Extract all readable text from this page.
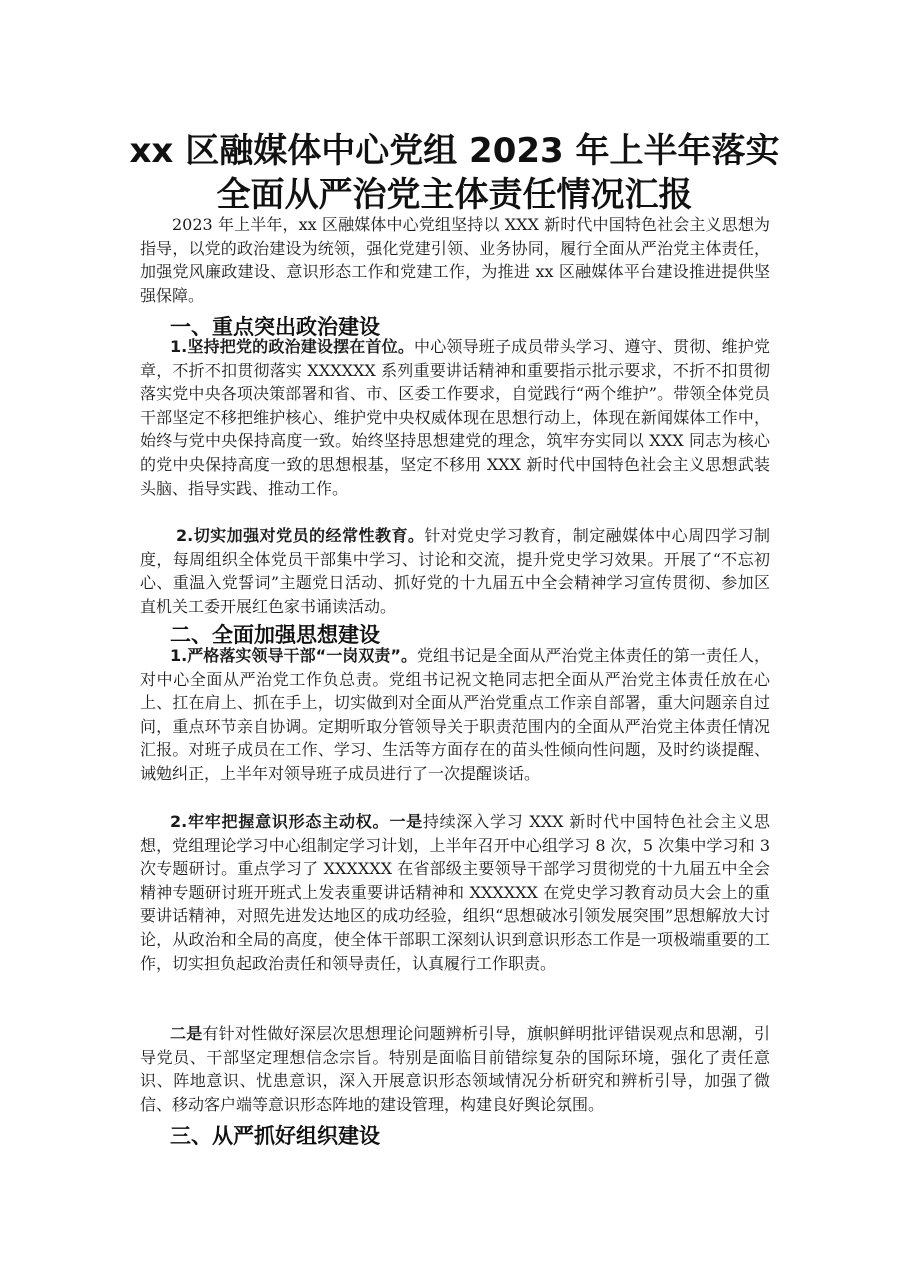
xx 区融媒体中心党组 2023 年上半年落实
全面从严治党主体责任情况汇报

2023 年上半年，xx 区融媒体中心党组坚持以 XXX 新时代中国特色社会主义思想为指导，以党的政治建设为统领，强化党建引领、业务协同，履行全面从严治党主体责任，加强党风廉政建设、意识形态工作和党建工作，为推进 xx 区融媒体平台建设推进提供坚强保障。

一、重点突出政治建设

1.坚持把党的政治建设摆在首位。中心领导班子成员带头学习、遵守、贯彻、维护党章，不折不扣贯彻落实 XXXXXX 系列重要讲话精神和重要指示批示要求，不折不扣贯彻落实党中央各项决策部署和省、市、区委工作要求，自觉践行“两个维护”。带领全体党员干部坚定不移把维护核心、维护党中央权威体现在思想行动上，体现在新闻媒体工作中，始终与党中央保持高度一致。始终坚持思想建党的理念，筑牢夯实同以 XXX 同志为核心的党中央保持高度一致的思想根基，坚定不移用 XXX 新时代中国特色社会主义思想武装头脑、指导实践、推动工作。

2.切实加强对党员的经常性教育。针对党史学习教育，制定融媒体中心周四学习制度，每周组织全体党员干部集中学习、讨论和交流，提升党史学习效果。开展了“不忘初心、重温入党誓词”主题党日活动、抓好党的十九届五中全会精神学习宣传贯彻、参加区直机关工委开展红色家书诵读活动。

二、全面加强思想建设

1.严格落实领导干部“一岗双责”。党组书记是全面从严治党主体责任的第一责任人，对中心全面从严治党工作负总责。党组书记祝文艳同志把全面从严治党主体责任放在心上、扛在肩上、抓在手上，切实做到对全面从严治党重点工作亲自部署，重大问题亲自过问，重点环节亲自协调。定期听取分管领导关于职责范围内的全面从严治党主体责任情况汇报。对班子成员在工作、学习、生活等方面存在的苗头性倾向性问题，及时约谈提醒、诫勉纠正，上半年对领导班子成员进行了一次提醒谈话。

2.牢牢把握意识形态主动权。一是持续深入学习 XXX 新时代中国特色社会主义思想，党组理论学习中心组制定学习计划，上半年召开中心组学习 8 次，5 次集中学习和 3 次专题研讨。重点学习了 XXXXXX 在省部级主要领导干部学习贯彻党的十九届五中全会精神专题研讨班开班式上发表重要讲话精神和 XXXXXX 在党史学习教育动员大会上的重要讲话精神，对照先进发达地区的成功经验，组织“思想破冰引领发展突围”思想解放大讨论，从政治和全局的高度，使全体干部职工深刻认识到意识形态工作是一项极端重要的工作，切实担负起政治责任和领导责任，认真履行工作职责。

二是有针对性做好深层次思想理论问题辨析引导，旗帜鲜明批评错误观点和思潮，引导党员、干部坚定理想信念宗旨。特别是面临目前错综复杂的国际环境，强化了责任意识、阵地意识、忧患意识，深入开展意识形态领域情况分析研究和辨析引导，加强了微信、移动客户端等意识形态阵地的建设管理，构建良好舆论氛围。

三、从严抓好组织建设
